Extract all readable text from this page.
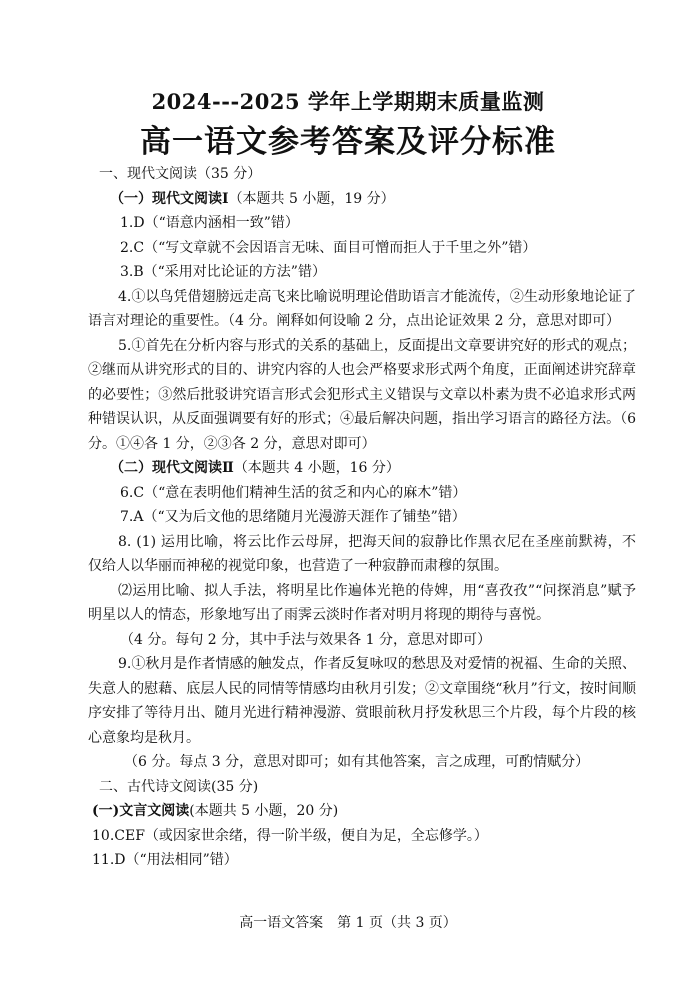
2024---2025 学年上学期期末质量监测
高一语文参考答案及评分标准
一、现代文阅读（35 分）
（一）现代文阅读Ⅰ（本题共 5 小题，19 分）
1.D（“语意内涵相一致”错）
2.C（“写文章就不会因语言无味、面目可憎而拒人于千里之外”错）
3.B（“采用对比论证的方法”错）
4.①以鸟凭借翅膀远走高飞来比喻说明理论借助语言才能流传，②生动形象地论证了语言对理论的重要性。（4 分。阐释如何设喻 2 分，点出论证效果 2 分，意思对即可）
5.①首先在分析内容与形式的关系的基础上，反面提出文章要讲究好的形式的观点；②继而从讲究形式的目的、讲究内容的人也会严格要求形式两个角度，正面阐述讲究辞章的必要性；③然后批驳讲究语言形式会犯形式主义错误与文章以朴素为贵不必追求形式两种错误认识，从反面强调要有好的形式；④最后解决问题，指出学习语言的路径方法。（6 分。①④各 1 分，②③各 2 分，意思对即可）
（二）现代文阅读Ⅱ（本题共 4 小题，16 分）
6.C（“意在表明他们精神生活的贫乏和内心的麻木”错）
7.A（“又为后文他的思绪随月光漫游天涯作了铺垫”错）
8. (1) 运用比喻，将云比作云母屏，把海天间的寂静比作黑衣尼在圣座前默祷，不仅给人以华丽而神秘的视觉印象，也营造了一种寂静而肃穆的氛围。
⑵运用比喻、拟人手法，将明星比作遍体光艳的侍婢，用“喜孜孜”“问探消息”赋予明星以人的情态，形象地写出了雨霁云淡时作者对明月将现的期待与喜悦。
（4 分。每句 2 分，其中手法与效果各 1 分，意思对即可）
9.①秋月是作者情感的触发点，作者反复咏叹的愁思及对爱情的祝福、生命的关照、失意人的慰藉、底层人民的同情等情感均由秋月引发；②文章围绕“秋月”行文，按时间顺序安排了等待月出、随月光进行精神漫游、赏眼前秋月抒发秋思三个片段，每个片段的核心意象均是秋月。
（6 分。每点 3 分，意思对即可；如有其他答案，言之成理，可酌情赋分）
二、古代诗文阅读(35 分)
(一)文言文阅读(本题共 5 小题，20 分)
10.CEF（或因家世余绪，得一阶半级，便自为足，全忘修学。）
11.D（“用法相同”错）
高一语文答案　第 1 页（共 3 页）
